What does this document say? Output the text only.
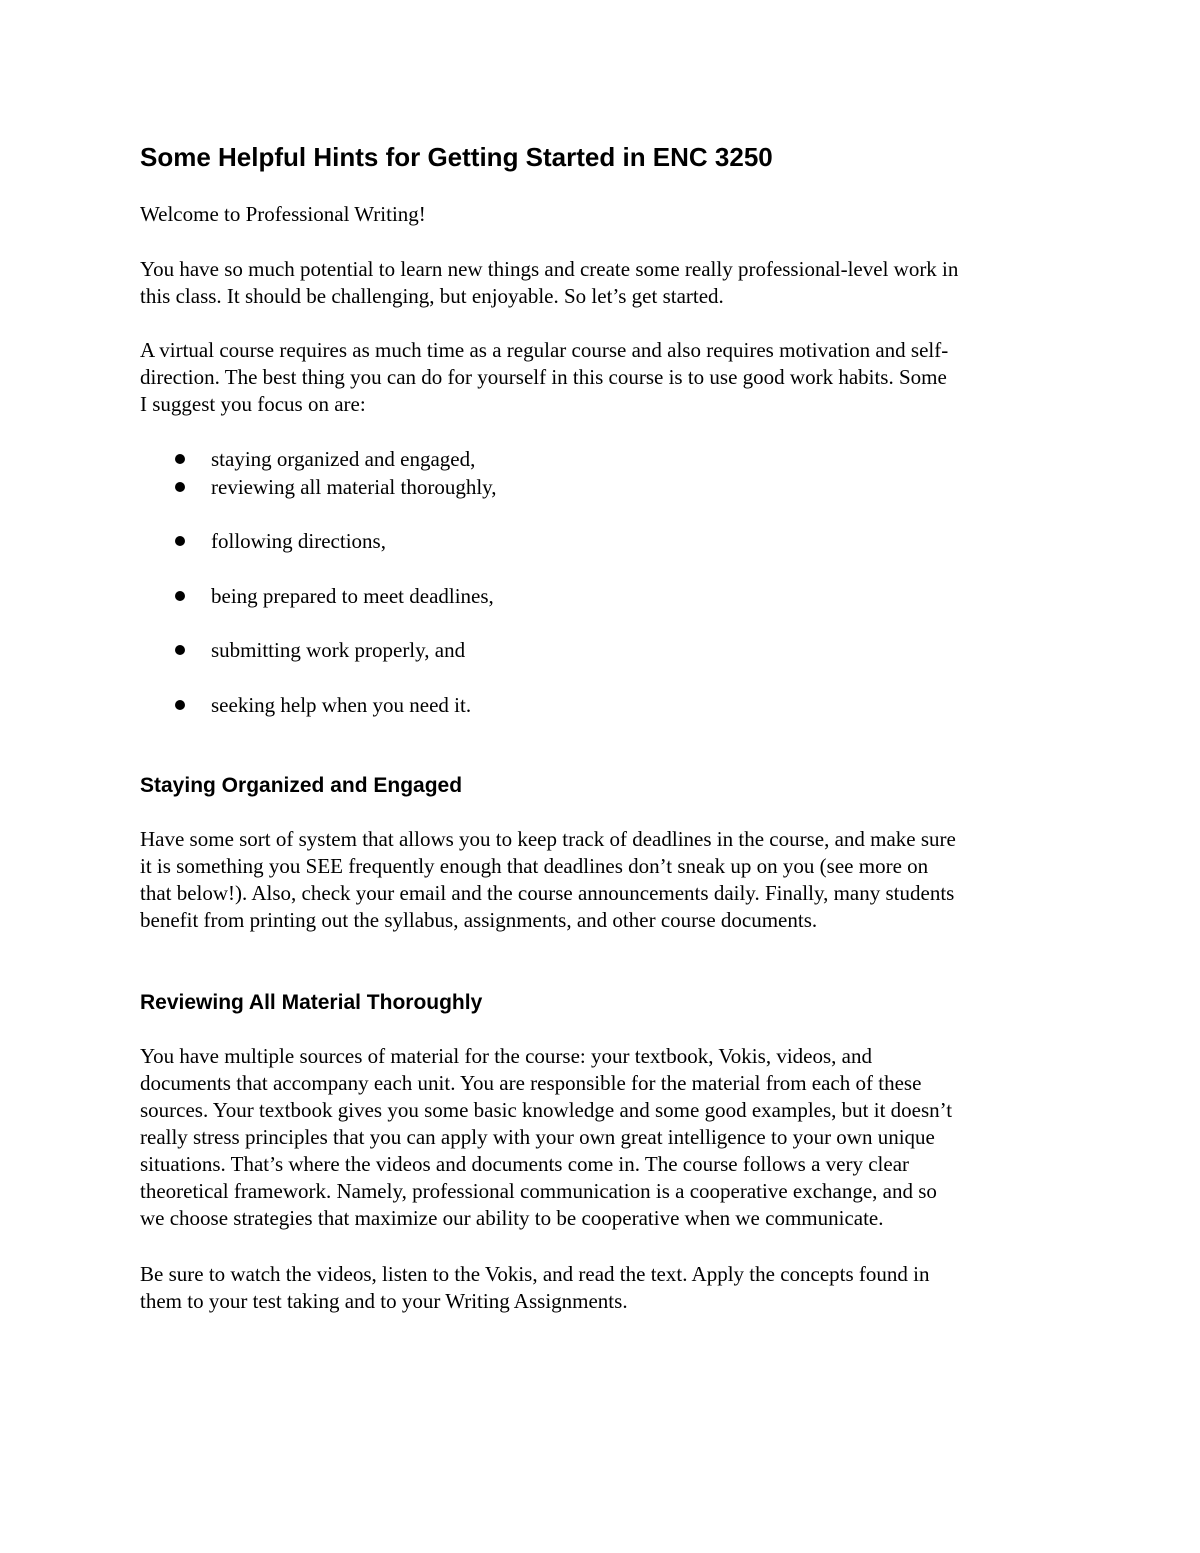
Some Helpful Hints for Getting Started in ENC 3250

Welcome to Professional Writing!

You have so much potential to learn new things and create some really professional-level work in
this class. It should be challenging, but enjoyable. So let’s get started.

A virtual course requires as much time as a regular course and also requires motivation and self-
direction. The best thing you can do for yourself in this course is to use good work habits. Some
I suggest you focus on are:

staying organized and engaged,
reviewing all material thoroughly,
following directions,
being prepared to meet deadlines,
submitting work properly, and
seeking help when you need it.
Staying Organized and Engaged

Have some sort of system that allows you to keep track of deadlines in the course, and make sure
it is something you SEE frequently enough that deadlines don’t sneak up on you (see more on
that below!). Also, check your email and the course announcements daily. Finally, many students
benefit from printing out the syllabus, assignments, and other course documents.

Reviewing All Material Thoroughly

You have multiple sources of material for the course: your textbook, Vokis, videos, and
documents that accompany each unit. You are responsible for the material from each of these
sources. Your textbook gives you some basic knowledge and some good examples, but it doesn’t
really stress principles that you can apply with your own great intelligence to your own unique
situations. That’s where the videos and documents come in. The course follows a very clear
theoretical framework. Namely, professional communication is a cooperative exchange, and so
we choose strategies that maximize our ability to be cooperative when we communicate.

Be sure to watch the videos, listen to the Vokis, and read the text. Apply the concepts found in
them to your test taking and to your Writing Assignments.
